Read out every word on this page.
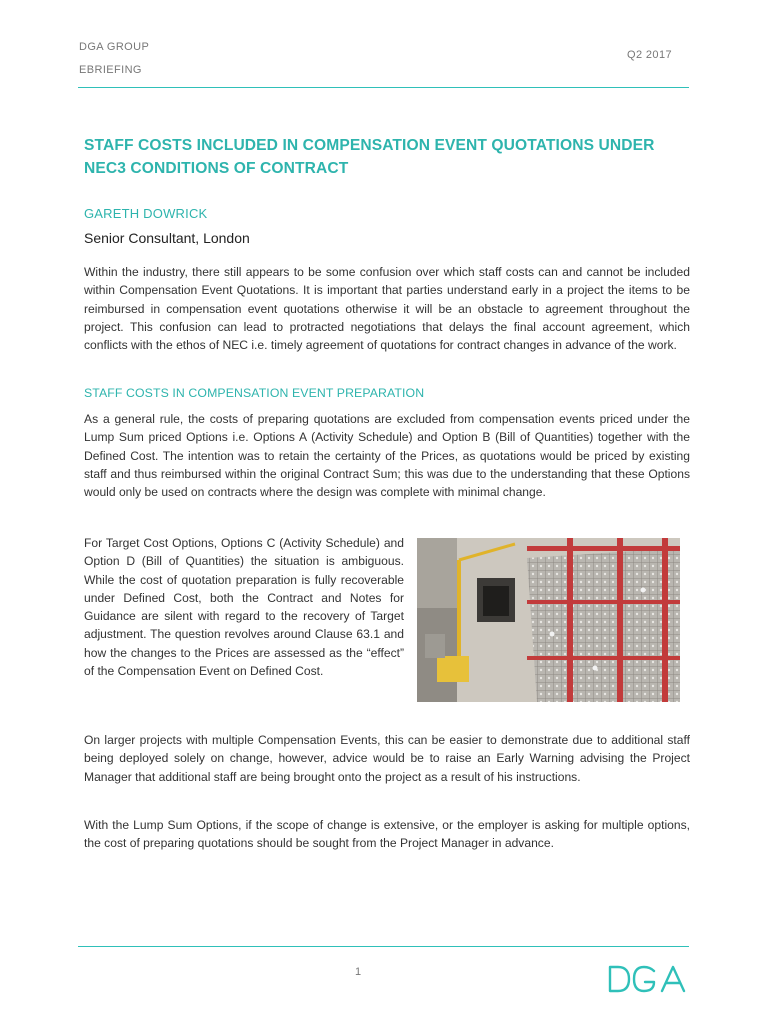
DGA GROUP
EBRIEFING
Q2 2017
STAFF COSTS INCLUDED IN COMPENSATION EVENT QUOTATIONS UNDER NEC3 CONDITIONS OF CONTRACT
GARETH DOWRICK
Senior Consultant, London

Within the industry, there still appears to be some confusion over which staff costs can and cannot be included within Compensation Event Quotations. It is important that parties understand early in a project the items to be reimbursed in compensation event quotations otherwise it will be an obstacle to agreement throughout the project. This confusion can lead to protracted negotiations that delays the final account agreement, which conflicts with the ethos of NEC i.e. timely agreement of quotations for contract changes in advance of the work.

STAFF COSTS IN COMPENSATION EVENT PREPARATION

As a general rule, the costs of preparing quotations are excluded from compensation events priced under the Lump Sum priced Options i.e. Options A (Activity Schedule) and Option B (Bill of Quantities) together with the Defined Cost. The intention was to retain the certainty of the Prices, as quotations would be priced by existing staff and thus reimbursed within the original Contract Sum; this was due to the understanding that these Options would only be used on contracts where the design was complete with minimal change.

For Target Cost Options, Options C (Activity Schedule) and Option D (Bill of Quantities) the situation is ambiguous. While the cost of quotation preparation is fully recoverable under Defined Cost, both the Contract and Notes for Guidance are silent with regard to the recovery of Target adjustment. The question revolves around Clause 63.1 and how the changes to the Prices are assessed as the “effect” of the Compensation Event on Defined Cost.

On larger projects with multiple Compensation Events, this can be easier to demonstrate due to additional staff being deployed solely on change, however, advice would be to raise an Early Warning advising the Project Manager that additional staff are being brought onto the project as a result of his instructions.

With the Lump Sum Options, if the scope of change is extensive, or the employer is asking for multiple options, the cost of preparing quotations should be sought from the Project Manager in advance.

1
